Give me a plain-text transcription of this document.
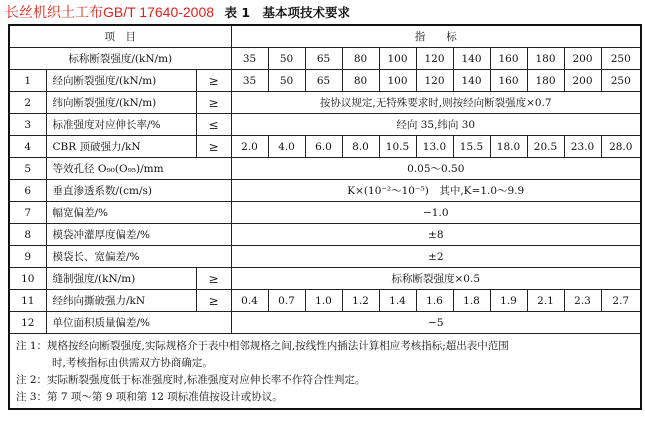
长丝机织土工布GB/T 17640-2008 表 1　基本项技术要求
项　目			指　　标										
标称断裂强度/(kN/m)			35	50	65	80	100	120	140	160	180	200	250
1	经向断裂强度/(kN/m)	≥	35	50	65	80	100	120	140	160	180	200	250
2	纬向断裂强度/(kN/m)	≥	按协议规定,无特殊要求时,则按经向断裂强度×0.7										
3	标准强度对应伸长率/%	≤	经向 35,纬向 30										
4	CBR 顶破强力/kN	≥	2.0	4.0	6.0	8.0	10.5	13.0	15.5	18.0	20.5	23.0	28.0
5	等效孔径 O₉₀(O₉₅)/mm		0.05～0.50										
6	垂直渗透系数/(cm/s)		K×(10⁻²～10⁻⁵)　其中,K=1.0～9.9										
7	幅宽偏差/%		−1.0										
8	模袋冲灌厚度偏差/%		±8										
9	模袋长、宽偏差/%		±2										
10	缝制强度/(kN/m)	≥	标称断裂强度×0.5										
11	经纬向撕破强力/kN	≥	0.4	0.7	1.0	1.2	1.4	1.6	1.8	1.9	2.1	2.3	2.7
12	单位面积质量偏差/%		−5										

注 1：规格按经向断裂强度,实际规格介于表中相邻规格之间,按线性内插法计算相应考核指标;超出表中范围
时,考核指标由供需双方协商确定。
注 2：实际断裂强度低于标准强度时,标准强度对应伸长率不作符合性判定。
注 3：第 7 项～第 9 项和第 12 项标准值按设计或协议。													
